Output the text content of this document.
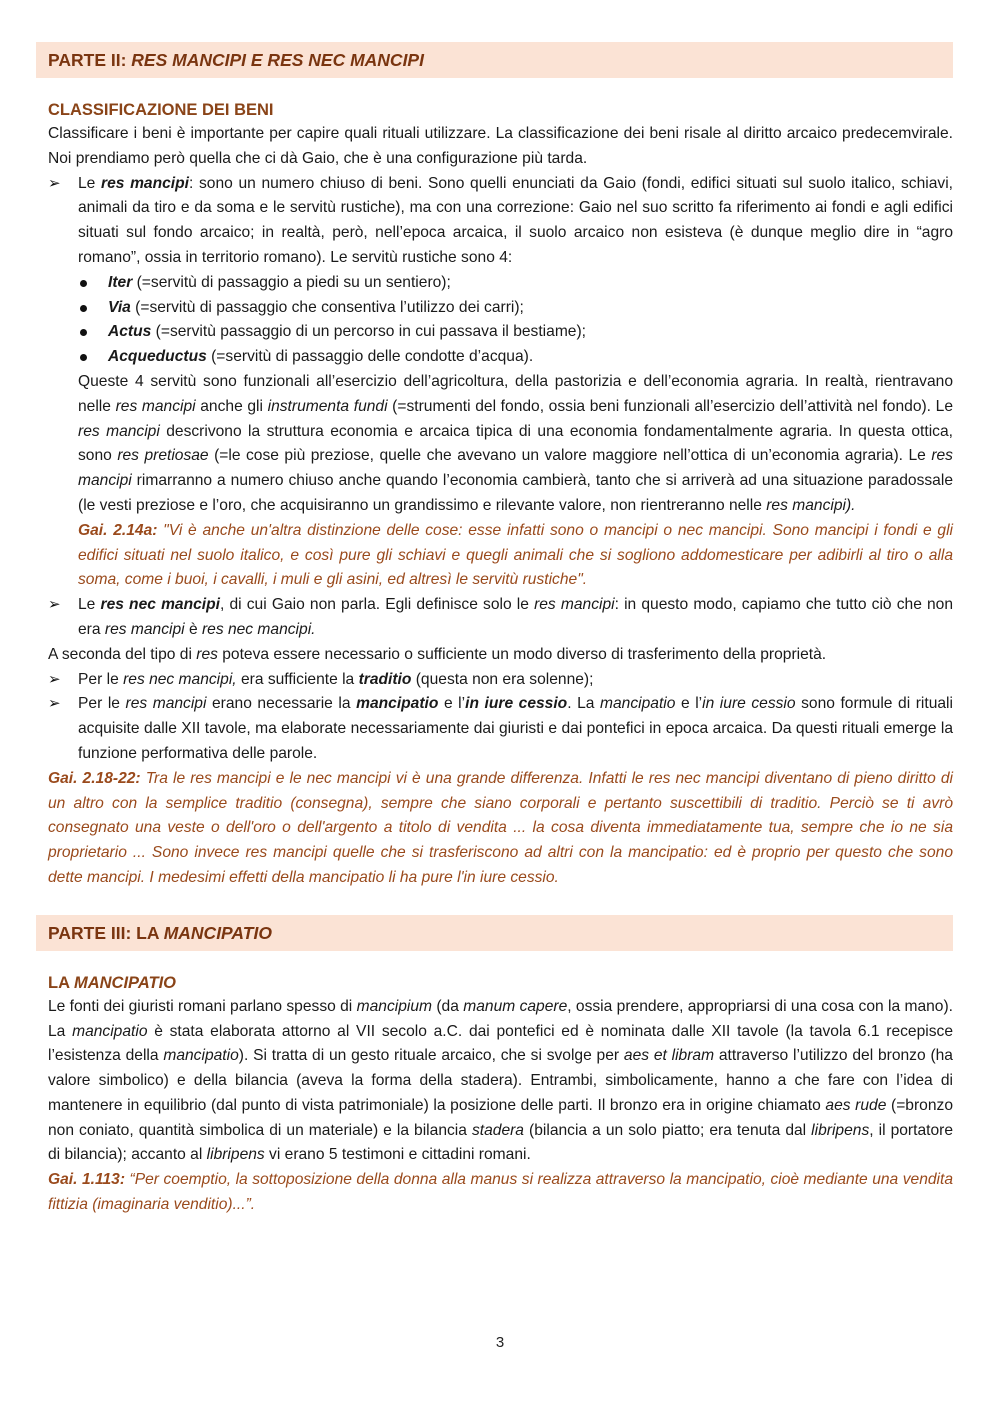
PARTE II: RES MANCIPI E RES NEC MANCIPI
CLASSIFICAZIONE DEI BENI

Classificare i beni è importante per capire quali rituali utilizzare. La classificazione dei beni risale al diritto arcaico predecemvirale. Noi prendiamo però quella che ci dà Gaio, che è una configurazione più tarda.

➢ Le res mancipi: sono un numero chiuso di beni. Sono quelli enunciati da Gaio (fondi, edifici situati sul suolo italico, schiavi, animali da tiro e da soma e le servitù rustiche), ma con una correzione: Gaio nel suo scritto fa riferimento ai fondi e agli edifici situati sul fondo arcaico; in realtà, però, nell’epoca arcaica, il suolo arcaico non esisteva (è dunque meglio dire in “agro romano”, ossia in territorio romano). Le servitù rustiche sono 4:

Iter (=servitù di passaggio a piedi su un sentiero);

Via (=servitù di passaggio che consentiva l’utilizzo dei carri);

Actus (=servitù passaggio di un percorso in cui passava il bestiame);

Acqueductus (=servitù di passaggio delle condotte d’acqua).

Queste 4 servitù sono funzionali all’esercizio dell’agricoltura, della pastorizia e dell’economia agraria. In realtà, rientravano nelle res mancipi anche gli instrumenta fundi (=strumenti del fondo, ossia beni funzionali all’esercizio dell’attività nel fondo). Le res mancipi descrivono la struttura economia e arcaica tipica di una economia fondamentalmente agraria. In questa ottica, sono res pretiosae (=le cose più preziose, quelle che avevano un valore maggiore nell’ottica di un’economia agraria). Le res mancipi rimarranno a numero chiuso anche quando l’economia cambierà, tanto che si arriverà ad una situazione paradossale (le vesti preziose e l’oro, che acquisiranno un grandissimo e rilevante valore, non rientreranno nelle res mancipi).

Gai. 2.14a: "Vi è anche un'altra distinzione delle cose: esse infatti sono o mancipi o nec mancipi. Sono mancipi i fondi e gli edifici situati nel suolo italico, e così pure gli schiavi e quegli animali che si sogliono addomesticare per adibirli al tiro o alla soma, come i buoi, i cavalli, i muli e gli asini, ed altresì le servitù rustiche".

➢ Le res nec mancipi, di cui Gaio non parla. Egli definisce solo le res mancipi: in questo modo, capiamo che tutto ciò che non era res mancipi è res nec mancipi.

A seconda del tipo di res poteva essere necessario o sufficiente un modo diverso di trasferimento della proprietà.

➢ Per le res nec mancipi, era sufficiente la traditio (questa non era solenne);

➢ Per le res mancipi erano necessarie la mancipatio e l’in iure cessio. La mancipatio e l’in iure cessio sono formule di rituali acquisite dalle XII tavole, ma elaborate necessariamente dai giuristi e dai pontefici in epoca arcaica. Da questi rituali emerge la funzione performativa delle parole.

Gai. 2.18-22: Tra le res mancipi e le nec mancipi vi è una grande differenza. Infatti le res nec mancipi diventano di pieno diritto di un altro con la semplice traditio (consegna), sempre che siano corporali e pertanto suscettibili di traditio. Perciò se ti avrò consegnato una veste o dell'oro o dell'argento a titolo di vendita ... la cosa diventa immediatamente tua, sempre che io ne sia proprietario ... Sono invece res mancipi quelle che si trasferiscono ad altri con la mancipatio: ed è proprio per questo che sono dette mancipi. I medesimi effetti della mancipatio li ha pure l'in iure cessio.

PARTE III: LA MANCIPATIO
LA MANCIPATIO

Le fonti dei giuristi romani parlano spesso di mancipium (da manum capere, ossia prendere, appropriarsi di una cosa con la mano). La mancipatio è stata elaborata attorno al VII secolo a.C. dai pontefici ed è nominata dalle XII tavole (la tavola 6.1 recepisce l’esistenza della mancipatio). Si tratta di un gesto rituale arcaico, che si svolge per aes et libram attraverso l’utilizzo del bronzo (ha valore simbolico) e della bilancia (aveva la forma della stadera). Entrambi, simbolicamente, hanno a che fare con l’idea di mantenere in equilibrio (dal punto di vista patrimoniale) la posizione delle parti. Il bronzo era in origine chiamato aes rude (=bronzo non coniato, quantità simbolica di un materiale) e la bilancia stadera (bilancia a un solo piatto; era tenuta dal libripens, il portatore di bilancia); accanto al libripens vi erano 5 testimoni e cittadini romani.

Gai. 1.113: “Per coemptio, la sottoposizione della donna alla manus si realizza attraverso la mancipatio, cioè mediante una vendita fittizia (imaginaria venditio)...”.

3
